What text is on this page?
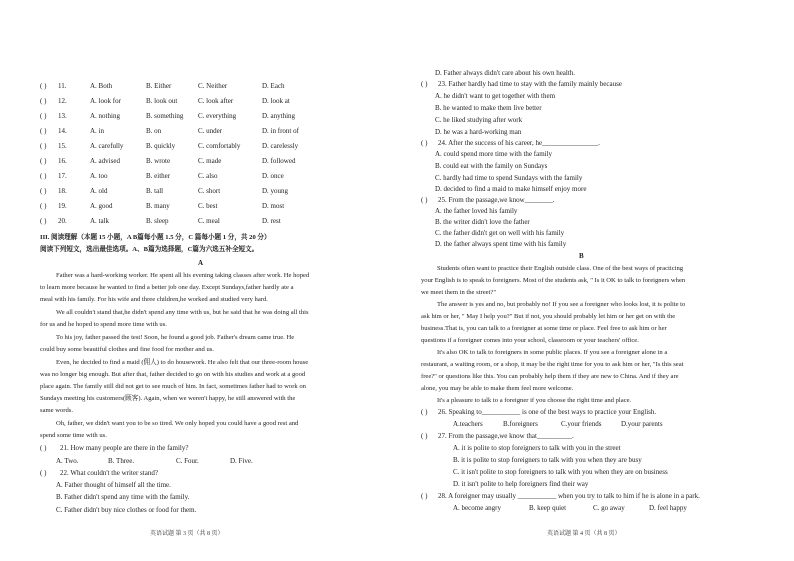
( ) 11.	A. Both	B. Either	C. Neither	D. Each
( ) 12.	A. look for	B. look out	C. look after	D. look at
( ) 13.	A. nothing	B. something C. everything	D. anything
( ) 14.	A. in	B. on	C. under	D. in front of
( ) 15.	A. carefully	B. quickly	C. comfortably	D. carelessly
( ) 16.	A. advised	B. wrote	C. made	D. followed
( ) 17.	A. too	B. either	C. also	D. once
( ) 18.	A. old	B. tall	C. short	D. young
( ) 19.	A. good	B. many	C. best	D. most
( ) 20.	A. talk	B. sleep	C. meal	D. rest
III. 阅读理解（本题 15 小题，A B篇每小题 1.5 分，C 篇每小题 1 分，共 20 分）
阅读下列短文，选出最佳选项。A、B篇为选择题，C篇为六选五补全短文。
A
Father was a hard-working worker. He spent all his evening taking classes after work. He hoped
to learn more because he wanted to find a better job one day. Except Sundays,father hardly ate a
meal with his family. For his wife and three children,he worked and studied very hard.
We all couldn't stand that,he didn't spend any time with us, but he said that he was doing all this
for us and he hoped to spend more time with us.
To his joy, father passed the test! Soon, he found a good job. Father's dream came true. He
could buy some beautiful clothes and fine food for mother and us.
Even, he decided to find a maid (佣人) to do housework. He also felt that our three-room house
was no longer big enough. But after that, father decided to go on with his studies and work at a good
place again. The family still did not get to see much of him. In fact, sometimes father had to work on
Sundays meeting his customers(顾客). Again, when we weren't happy, he still answered with the
same words.
Oh, father, we didn't want you to be so tired. We only hoped you could have a good rest and
spend some time with us.
( ) 21. How many people are there in the family?
A. Two.	B. Three.	C. Four.	D. Five.
( ) 22. What couldn't the writer stand?
A. Father thought of himself all the time.
B. Father didn't spend any time with the family.
C. Father didn't buy nice clothes or food for them.
英语试题 第 3 页（共 8 页）
D. Father always didn't care about his own health.
( ) 23. Father hardly had time to stay with the family mainly because
A. he didn't want to get together with them
B. he wanted to make them live better
C. he liked studying after work
D. he was a hard-working man
( ) 24. After the success of his career, he________________.
A. could spend more time with the family
B. could eat with the family on Sundays
C. hardly had time to spend Sundays with the family
D. decided to find a maid to make himself enjoy more
( ) 25. From the passage,we know________.
A. the father loved his family
B. the writer didn't love the father
C. the father didn't get on well with his family
D. the father always spent time with his family
B
Students often want to practice their English outside class. One of the best ways of practicing
your English is to speak to foreigners. Most of the students ask, " Is it OK to talk to foreigners when
we meet them in the street?"
The answer is yes and no, but probably no! If you see a foreigner who looks lost, it is polite to
ask him or her, " May I help you?" But if not, you should probably let him or her get on with the
business.That is, you can talk to a foreigner at some time or place. Feel free to ask him or her
questions if a foreigner comes into your school, classroom or your teachers' office.
It's also OK to talk to foreigners in some public places. If you see a foreigner alone in a
restaurant, a waiting room, or a shop, it may be the right time for you to ask him or her, "Is this seat
free?" or questions like this. You can probably help them if they are new to China. And if they are
alone, you may be able to make them feel more welcome.
It's a pleasure to talk to a foreigner if you choose the right time and place.
( ) 26. Speaking to___________ is one of the best ways to practice your English.
A.teachers	B.foreigners	C.your friends	D.your parents
( ) 27. From the passage,we know that__________.
A. it is polite to stop foreigners to talk with you in the street
B. it is polite to stop foreigners to talk with you when they are busy
C. it isn't polite to stop foreigners to talk with you when they are on business
D. it isn't polite to help foreigners find their way
( ) 28. A foreigner may usually ___________ when you try to talk to him if he is alone in a park.
A. become angry	B. keep quiet	C. go away	D. feel happy
英语试题 第 4 页（共 8 页）
